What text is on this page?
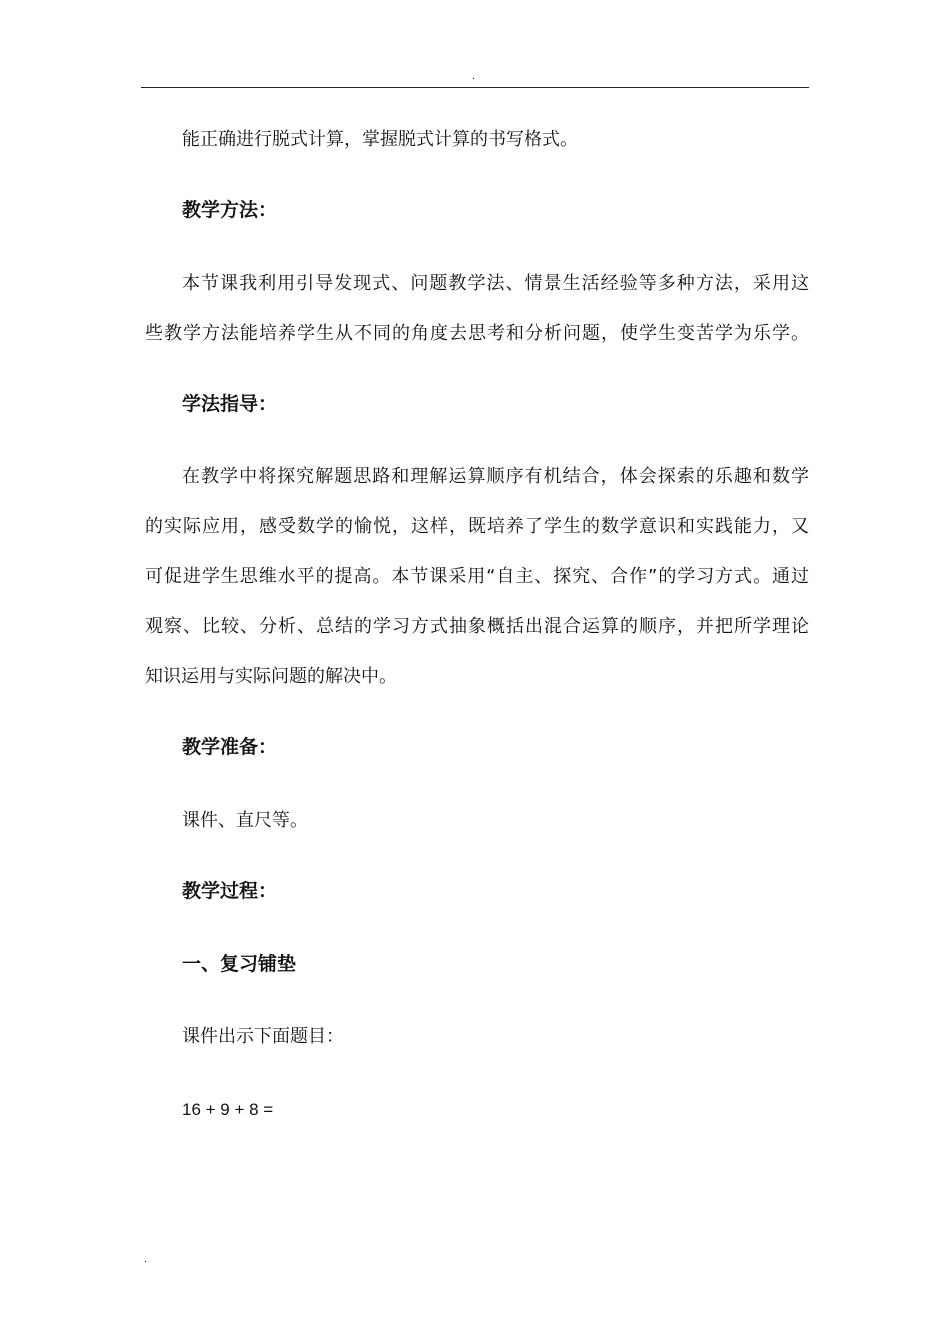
.
能正确进行脱式计算，掌握脱式计算的书写格式。
教学方法：
本节课我利用引导发现式、问题教学法、情景生活经验等多种方法，采用这
些教学方法能培养学生从不同的角度去思考和分析问题，使学生变苦学为乐学。
学法指导：
在教学中将探究解题思路和理解运算顺序有机结合，体会探索的乐趣和数学
的实际应用，感受数学的愉悦，这样，既培养了学生的数学意识和实践能力，又
可促进学生思维水平的提高。本节课采用“自主、探究、合作”的学习方式。通过
观察、比较、分析、总结的学习方式抽象概括出混合运算的顺序，并把所学理论
知识运用与实际问题的解决中。
教学准备：
课件、直尺等。
教学过程：
一、复习铺垫
课件出示下面题目：
16 + 9 + 8 =
.
